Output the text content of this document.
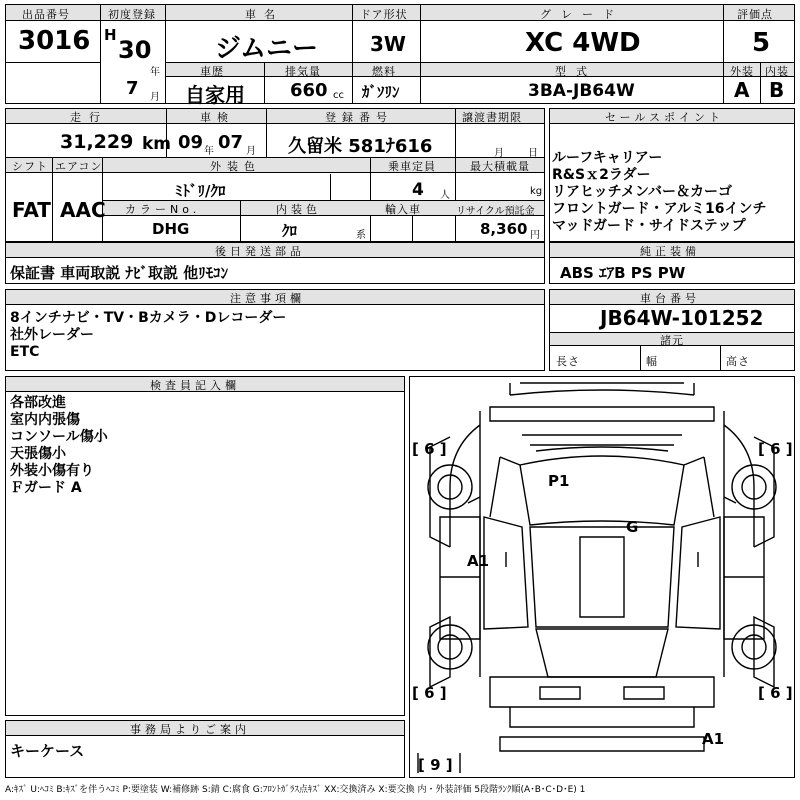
出品番号
3016
初度登録
H
30
年
7 月
車名
ジムニー
ドア形状
3W
グレード
XC 4WD
評価点
5
車歴
自家用
排気量
660 cc
燃料
ｶﾞｿﾘﾝ
型式
3BA-JB64W
外装
A
内装
B
走行
31,229 km
車検
09 年 07 月
登録番号
久留米 581ﾅ616
譲渡書期限
月 日
シフト
FAT
エアコン
AAC
外装色
ﾐﾄﾞﾘ/ｸﾛ
乗車定員
4 人
最大積載量
kg
カラーNo.
DHG
内装色
ｸﾛ	系
輸入車	リサイクル預託金
8,360 円
セールスポイント
ルーフキャリアー
R&Sｘ2ラダー
リアヒッチメンバー＆カーゴ
フロントガード・アルミ16インチ
マッドガード・サイドステップ
後日発送部品
保証書 車両取説 ﾅﾋﾞ取説 他ﾘﾓｺﾝ
純正装備
ABS ｴｱB PS PW
注意事項欄
8インチナビ・TV・Bカメラ・Dレコーダー
社外レーダー
ETC
車台番号
JB64W-101252
諸元
長さ	幅	高さ
検査員記入欄
各部改進
室内内張傷
コンソール傷小
天張傷小
外装小傷有り
Ｆガード A
事務局よりご案内
キーケース
[ 6 ]	[ 6 ]
[ 6 ]	[ 6 ]
[ 9 ]
P1
G
A1
A1
A:ｷｽﾞ U:ﾍｺﾐ B:ｷｽﾞを伴うﾍｺﾐ P:要塗装 W:補修跡 S:錆 C:腐食 G:ﾌﾛﾝﾄｶﾞﾗｽ点ｷｽﾞ XX:交換済み X:要交換 内・外装評価 5段階ﾗﾝｸ順(A･B･C･D･E) 1
